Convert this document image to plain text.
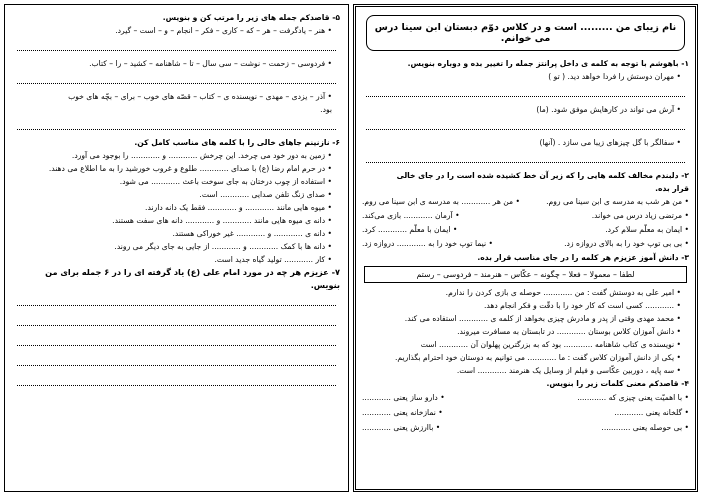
نام زیبای من ......... است و در کلاس دوّم دبستان ابن سینا درس می خوانم.
۱- باهوشم با توجه به کلمه ی داخل پرانتز جمله را تغییر بده و دوباره بنویس.
• مهران دوستش را فردا خواهد دید. ( تو )
• آرش می تواند در کارهایش موفق شود. (ما)
• سفالگر با گل چیزهای زیبا می سازد . (آنها)
۲- دلبندم مخالف کلمه هایی را که زیر آن خط کشیده شده است را در جای خالی
قرار بده.
• من هر شب به مدرسه ی ابن سینا می روم.
• من هر ............ به مدرسه ی ابن سینا می روم.
• مرتضی زیاد درس می خواند.
• آرمان ............ بازی می‌کند.
• ایمان به معلّم سلام کرد.
• ایمان با معلّم ............ کرد.
• بی بی توپ خود را به بالای دروازه زد.
• نیما توپ خود را به ............ دروازه زد.
۳- دانش آموز عزیزم هر کلمه را در جای مناسب قرار بده.
لطفا – معمولا – فعلا – چگونه – عکّاس – هنرمند – فردوسی – رستم
• امیر علی به دوستش گفت : من ............ حوصله ی بازی کردن را ندارم.
• ............ کسی است که کار خود را با دقّت و فکر انجام دهد.
• محمد مهدی وقتی از پدر و مادرش چیزی بخواهد از کلمه ی ............ استفاده می کند.
• دانش آموزان کلاس بوستان ............ در تابستان به مسافرت میروند.
• نویسنده ی کتاب شاهنامه ............ بود که به بزرگترین پهلوان آن ............ است
• یکی از دانش آموزان کلاس گفت : ما ............ می توانیم به دوستان خود احترام بگذاریم.
• سه پایه ، دوربین عکّاسی و فیلم از وسایل یک هنرمند ............ است.
۴- قاصدکم معنی کلمات زیر را بنویس.
• با اهمیّت یعنی چیزی که ............
• دارو ساز یعنی ............
• گلخانه یعنی ............
• نمازخانه یعنی ............
• بی حوصله یعنی ............
• باارزش یعنی ............
۵- قاصدکم جمله های زیر را مرتب کن و بنویس.
• هنر – یادگرفت – هر – که – کاری – فکر – انجام – و – است – گیرد.
• فردوسی – زحمت – نوشت – سی سال – تا – شاهنامه – کشید – را – کتاب.
• آذر – یزدی – مهدی – نویسنده ی – کتاب – قصّه های خوب – برای – بچّه های خوب
بود.
۶- نازنینم جاهای خالی را با کلمه های مناسب کامل کن.
• زمین به دور خود می چرخد. این چرخش ............ و ............ را بوجود می آورد.
• در حرم امام رضا (ع) با صدای ............ طلوع و غروب خورشید را به ما اطلاع می دهند.
• استفاده از چوب درختان به جای سوخت باعث ............ می شود.
• صدای زنگ تلفن صدایی ............ است.
• میوه هایی مانند ............ و ............ فقط یک دانه دارند.
• دانه ی میوه هایی مانند ............ و ............ دانه های سفت هستند.
• دانه ی ............ و ............ غیر خوراکی هستند.
• دانه ها با کمک ............ و ............ از جایی به جای دیگر می روند.
• کار ............ تولید گیاه جدید است.
۷- عزیزم هر چه در مورد امام علی (ع) یاد گرفته ای را در ۶ جمله برای من
بنویس.
